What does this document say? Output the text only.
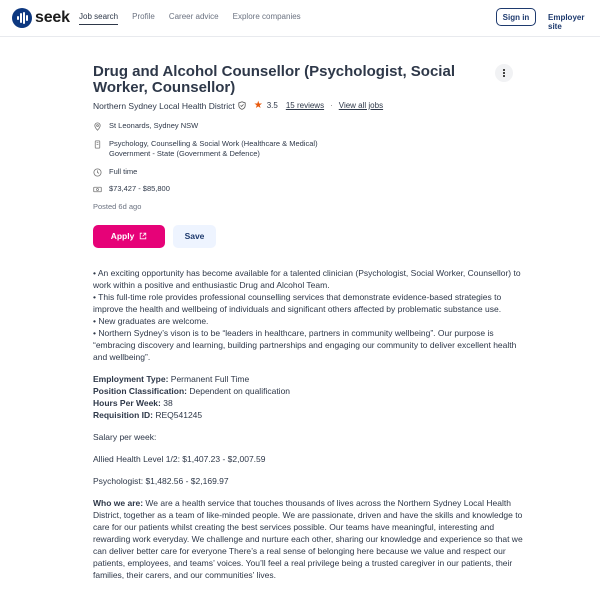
seek Job search Profile Career advice Explore companies	Sign in	Employer site
Drug and Alcohol Counsellor (Psychologist, Social Worker, Counsellor)
Northern Sydney Local Health District ★ 3.5 15 reviews · View all jobs
St Leonards, Sydney NSW
Psychology, Counselling & Social Work (Healthcare & Medical)
Government - State (Government & Defence)
Full time
$73,427 - $85,800
Posted 6d ago
Apply	Save

• An exciting opportunity has become available for a talented clinician (Psychologist, Social Worker, Counsellor) to work within a positive and enthusiastic Drug and Alcohol Team.

• This full-time role provides professional counselling services that demonstrate evidence-based strategies to improve the health and wellbeing of individuals and significant others affected by problematic substance use.

• New graduates are welcome.

• Northern Sydney’s vison is to be “leaders in healthcare, partners in community wellbeing”. Our purpose is “embracing discovery and learning, building partnerships and engaging our community to deliver excellent health and wellbeing”.

Employment Type: Permanent Full Time

Position Classification: Dependent on qualification

Hours Per Week: 38

Requisition ID: REQ541245

Salary per week:

Allied Health Level 1/2: $1,407.23 - $2,007.59

Psychologist: $1,482.56 - $2,169.97

Who we are: We are a health service that touches thousands of lives across the Northern Sydney Local Health District, together as a team of like-minded people. We are passionate, driven and have the skills and knowledge to care for our patients whilst creating the best services possible. Our teams have meaningful, interesting and rewarding work everyday. We challenge and nurture each other, sharing our knowledge and experience so that we can deliver better care for everyone There’s a real sense of belonging here because we value and respect our patients, employees, and teams’ voices. You’ll feel a real privilege being a trusted caregiver in our patients, their families, their carers, and our communities’ lives.
